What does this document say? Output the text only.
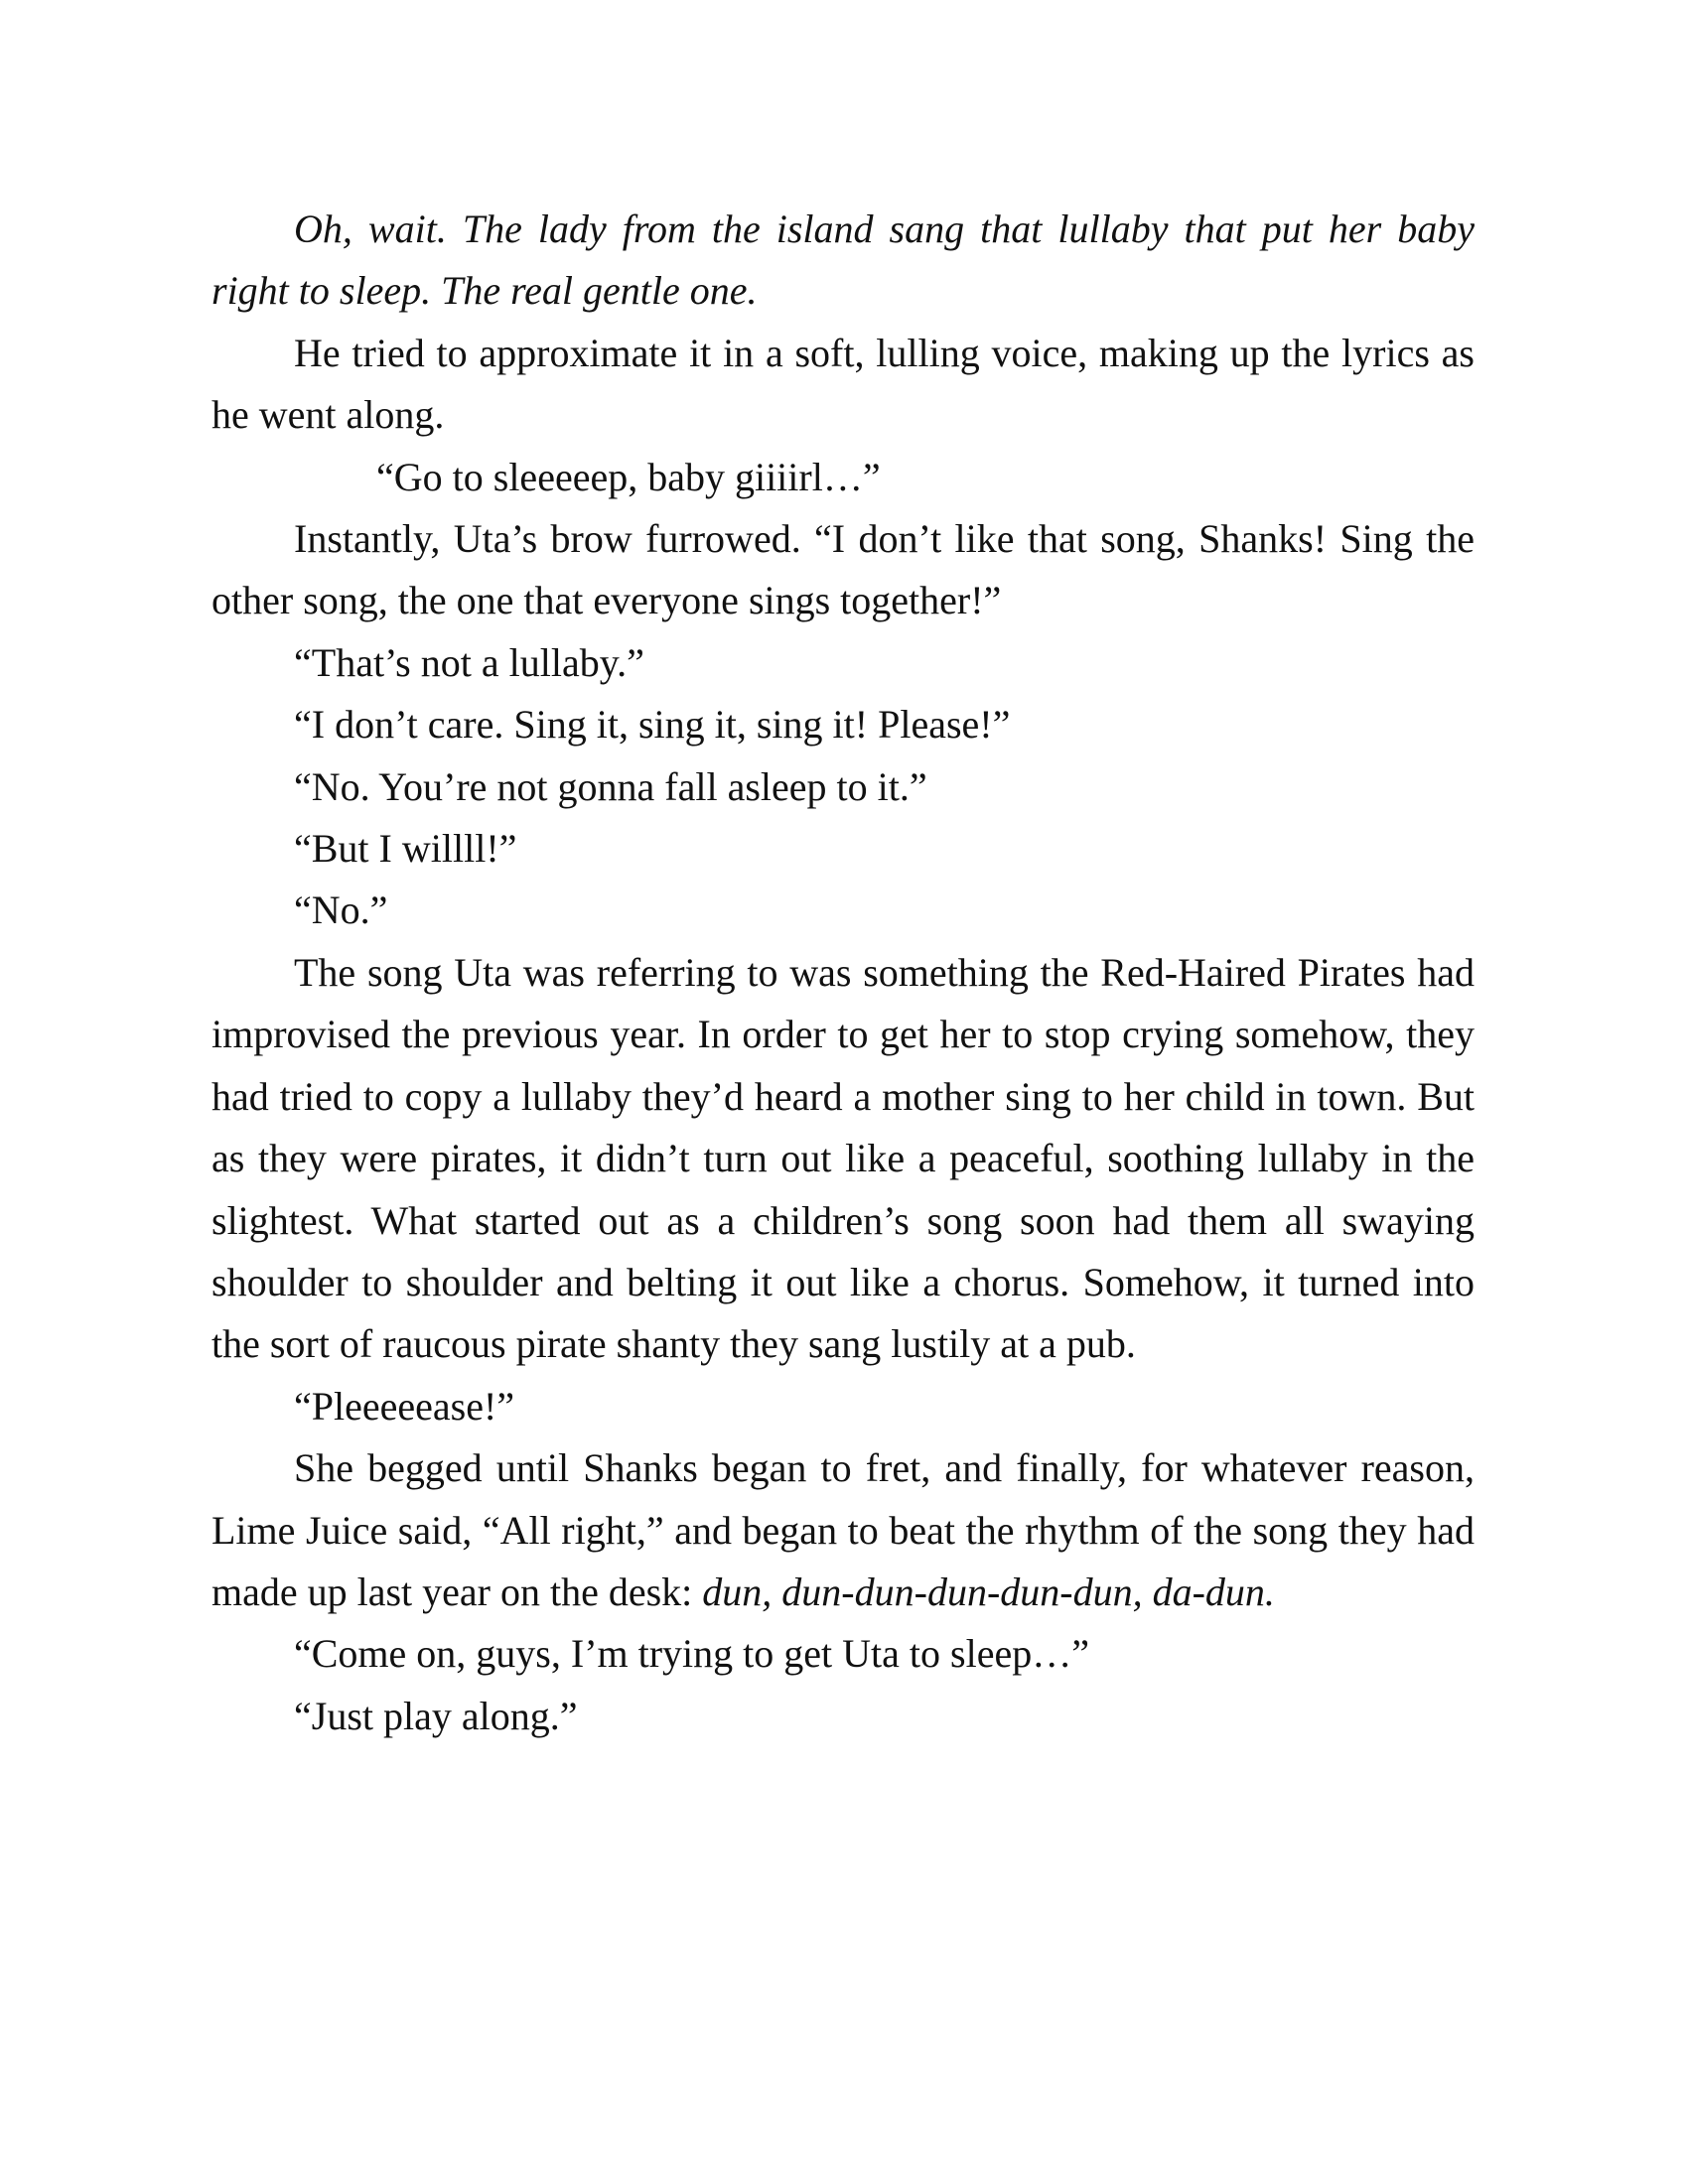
Oh, wait. The lady from the island sang that lullaby that put her baby right to sleep. The real gentle one.

He tried to approximate it in a soft, lulling voice, making up the lyrics as he went along.

“Go to sleeeeep, baby giiiirl…”

Instantly, Uta’s brow furrowed. “I don’t like that song, Shanks! Sing the other song, the one that everyone sings together!”

“That’s not a lullaby.”

“I don’t care. Sing it, sing it, sing it! Please!”

“No. You’re not gonna fall asleep to it.”

“But I willll!”

“No.”

The song Uta was referring to was something the Red-Haired Pirates had improvised the previous year. In order to get her to stop crying somehow, they had tried to copy a lullaby they’d heard a mother sing to her child in town. But as they were pirates, it didn’t turn out like a peaceful, soothing lullaby in the slightest. What started out as a children’s song soon had them all swaying shoulder to shoulder and belting it out like a chorus. Somehow, it turned into the sort of raucous pirate shanty they sang lustily at a pub.

“Pleeeeease!”

She begged until Shanks began to fret, and finally, for whatever reason, Lime Juice said, “All right,” and began to beat the rhythm of the song they had made up last year on the desk: dun, dun-dun-dun-dun-dun, da-dun.

“Come on, guys, I’m trying to get Uta to sleep…”

“Just play along.”
